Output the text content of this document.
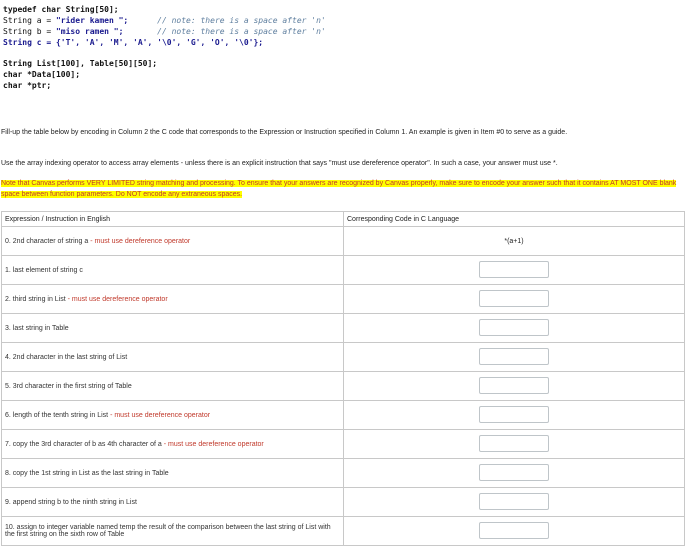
typedef char String[50];
String a = "rider kamen ";	// note: there is a space after 'n'
String b = "miso ramen ";	// note: there is a space after 'n'
String c = {'T', 'A', 'M', 'A', '\0', 'G', 'O', '\0'};
String List[100], Table[50][50];
char *Data[100];
char *ptr;
Fill-up the table below by encoding in Column 2 the C code that corresponds to the Expression or Instruction specified in Column 1. An example is given in Item #0 to serve as a guide.
Use the array indexing operator to access array elements - unless there is an explicit instruction that says "must use dereference operator". In such a case, your answer must use *.
Note that Canvas performs VERY LIMITED string matching and processing. To ensure that your answers are recognized by Canvas properly, make sure to encode your answer such that it contains AT MOST ONE blank space between function parameters. Do NOT encode any extraneous spaces.
Expression / Instruction in English	Corresponding Code in C Language
0. 2nd character of string a - must use dereference operator	*(a+1)
1. last element of string c	
2. third string in List - must use dereference operator	
3. last string in Table	
4. 2nd character in the last string of List	
5. 3rd character in the first string of Table	
6. length of the tenth string in List - must use dereference operator	
7. copy the 3rd character of b as 4th character of a - must use dereference operator	
8. copy the 1st string in List as the last string in Table	
9. append string b to the ninth string in List	
10. assign to integer variable named temp the result of the comparison between the last string of List with the first string on the sixth row of Table	
